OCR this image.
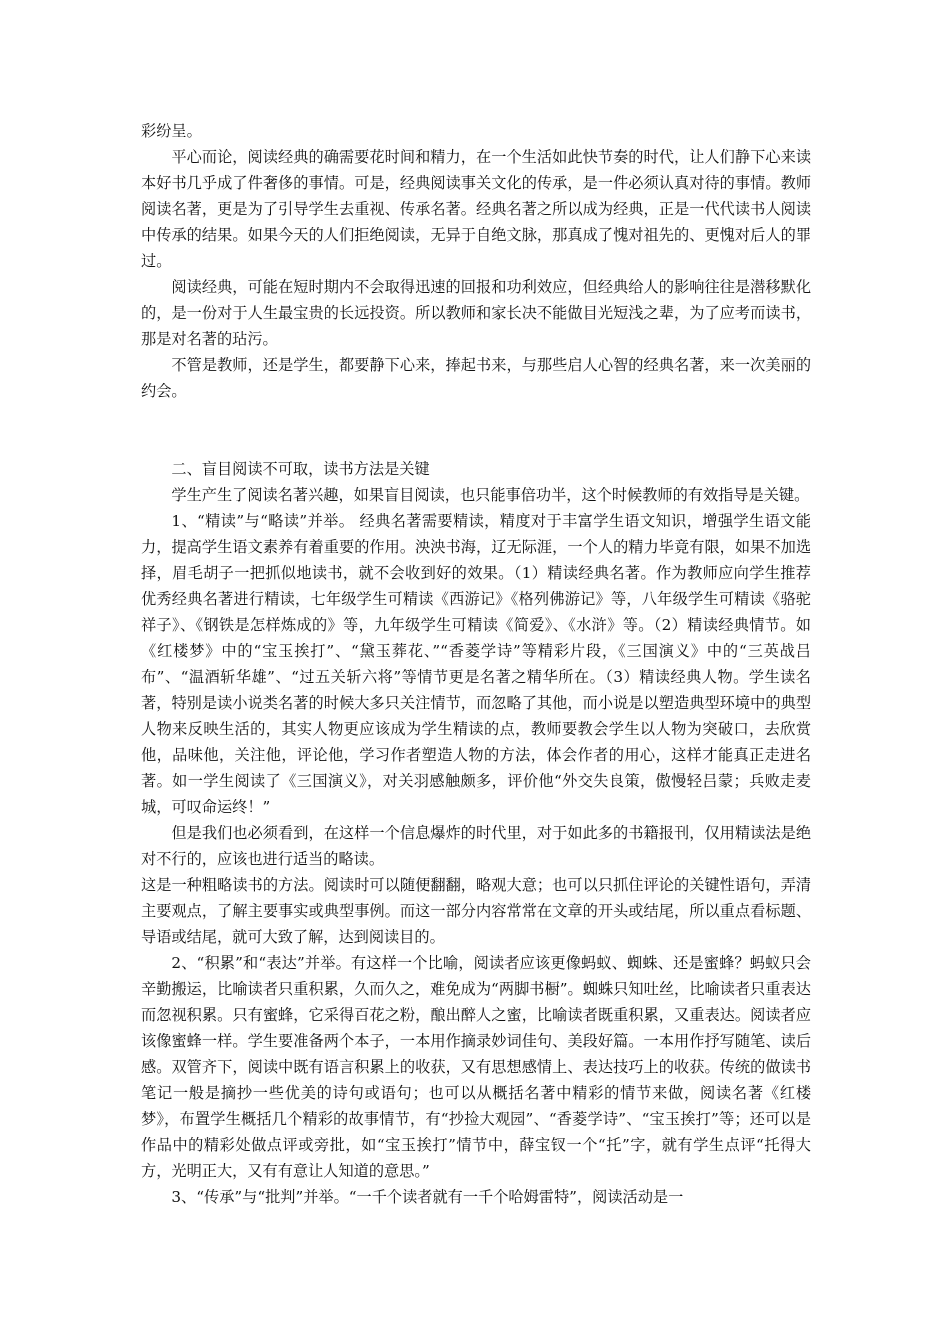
彩纷呈。

平心而论，阅读经典的确需要花时间和精力，在一个生活如此快节奏的时代，让人们静下心来读本好书几乎成了件奢侈的事情。可是，经典阅读事关文化的传承，是一件必须认真对待的事情。教师阅读名著，更是为了引导学生去重视、传承名著。经典名著之所以成为经典，正是一代代读书人阅读中传承的结果。如果今天的人们拒绝阅读，无异于自绝文脉，那真成了愧对祖先的、更愧对后人的罪过。

阅读经典，可能在短时期内不会取得迅速的回报和功利效应，但经典给人的影响往往是潜移默化的，是一份对于人生最宝贵的长远投资。所以教师和家长决不能做目光短浅之辈，为了应考而读书，那是对名著的玷污。

不管是教师，还是学生，都要静下心来，捧起书来，与那些启人心智的经典名著，来一次美丽的约会。

二、盲目阅读不可取，读书方法是关键

学生产生了阅读名著兴趣，如果盲目阅读，也只能事倍功半，这个时候教师的有效指导是关键。

1、“精读”与“略读”并举。 经典名著需要精读，精度对于丰富学生语文知识，增强学生语文能力，提高学生语文素养有着重要的作用。泱泱书海，辽无际涯，一个人的精力毕竟有限，如果不加选择，眉毛胡子一把抓似地读书，就不会收到好的效果。（1）精读经典名著。作为教师应向学生推荐优秀经典名著进行精读，七年级学生可精读《西游记》《格列佛游记》等，八年级学生可精读《骆驼祥子》、《钢铁是怎样炼成的》等，九年级学生可精读《简爱》、《水浒》等。（2）精读经典情节。如《红楼梦》中的“宝玉挨打”、“黛玉葬花、”“香菱学诗”等精彩片段，《三国演义》中的“三英战吕布”、“温酒斩华雄”、“过五关斩六将”等情节更是名著之精华所在。（3）精读经典人物。学生读名著，特别是读小说类名著的时候大多只关注情节，而忽略了其他，而小说是以塑造典型环境中的典型人物来反映生活的，其实人物更应该成为学生精读的点，教师要教会学生以人物为突破口，去欣赏他，品味他，关注他，评论他，学习作者塑造人物的方法，体会作者的用心，这样才能真正走进名著。如一学生阅读了《三国演义》，对关羽感触颇多，评价他“外交失良策，傲慢轻吕蒙；兵败走麦城，可叹命运终！”

但是我们也必须看到，在这样一个信息爆炸的时代里，对于如此多的书籍报刊，仅用精读法是绝对不行的，应该也进行适当的略读。

这是一种粗略读书的方法。阅读时可以随便翻翻，略观大意；也可以只抓住评论的关键性语句，弄清主要观点，了解主要事实或典型事例。而这一部分内容常常在文章的开头或结尾，所以重点看标题、导语或结尾，就可大致了解，达到阅读目的。

2、“积累”和“表达”并举。有这样一个比喻，阅读者应该更像蚂蚁、蜘蛛、还是蜜蜂？蚂蚁只会辛勤搬运，比喻读者只重积累，久而久之，难免成为“两脚书橱”。蜘蛛只知吐丝，比喻读者只重表达而忽视积累。只有蜜蜂，它采得百花之粉，酿出醉人之蜜，比喻读者既重积累，又重表达。阅读者应该像蜜蜂一样。学生要准备两个本子，一本用作摘录妙词佳句、美段好篇。一本用作抒写随笔、读后感。双管齐下，阅读中既有语言积累上的收获，又有思想感情上、表达技巧上的收获。传统的做读书笔记一般是摘抄一些优美的诗句或语句；也可以从概括名著中精彩的情节来做，阅读名著《红楼梦》，布置学生概括几个精彩的故事情节，有“抄捡大观园”、“香菱学诗”、“宝玉挨打”等；还可以是作品中的精彩处做点评或旁批，如“宝玉挨打”情节中，薛宝钗一个“托”字，就有学生点评“托得大方，光明正大，又有有意让人知道的意思。”

3、“传承”与“批判”并举。“一千个读者就有一千个哈姆雷特”，阅读活动是一
